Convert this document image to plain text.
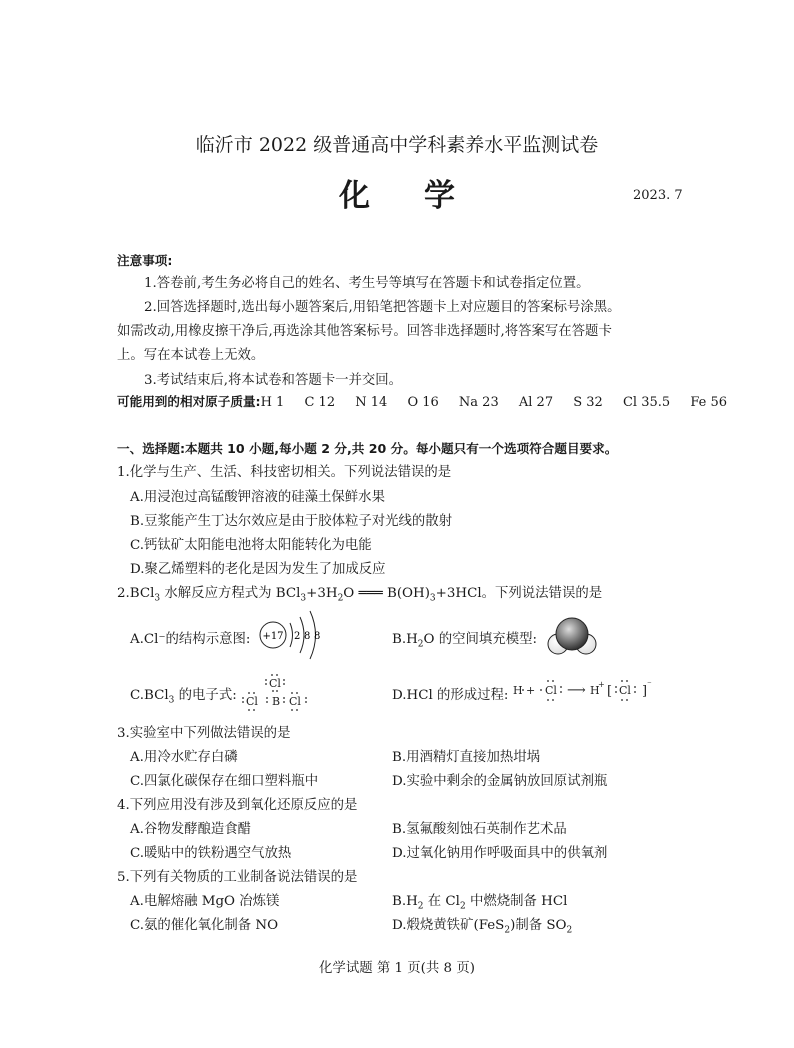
临沂市 2022 级普通高中学科素养水平监测试卷
化学	2023. 7
注意事项:
1.答卷前,考生务必将自己的姓名、考生号等填写在答题卡和试卷指定位置。
2.回答选择题时,选出每小题答案后,用铅笔把答题卡上对应题目的答案标号涂黑。
如需改动,用橡皮擦干净后,再选涂其他答案标号。回答非选择题时,将答案写在答题卡
上。写在本试卷上无效。
3.考试结束后,将本试卷和答题卡一并交回。
可能用到的相对原子质量:H 1 C 12 N 14 O 16 Na 23 Al 27 S 32 Cl 35.5 Fe 56
一、选择题:本题共 10 小题,每小题 2 分,共 20 分。每小题只有一个选项符合题目要求。
1.化学与生产、生活、科技密切相关。下列说法错误的是
A.用浸泡过高锰酸钾溶液的硅藻土保鲜水果
B.豆浆能产生丁达尔效应是由于胶体粒子对光线的散射
C.钙钛矿太阳能电池将太阳能转化为电能
D.聚乙烯塑料的老化是因为发生了加成反应
2.BCl$_3$ 水解反应方程式为 $BCl_3+3H_2O$ ═══ $B(OH)_3+3HCl$。下列说法错误的是
A.Cl⁻的结构示意图: +17 2 8 8	$B.H_2O$ 的空间填充模型:
C.BCl$_3$ 的电子式:
Cl
Cl B Cl	D.HCl 的形成过程: H + Cl ⟶ H
+ [ Cl ] ⁻
3.实验室中下列做法错误的是
A.用冷水贮存白磷	B.用酒精灯直接加热坩埚
C.四氯化碳保存在细口塑料瓶中	D.实验中剩余的金属钠放回原试剂瓶
4.下列应用没有涉及到氧化还原反应的是
A.谷物发酵酿造食醋	B.氢氟酸刻蚀石英制作艺术品
C.暖贴中的铁粉遇空气放热	D.过氧化钠用作呼吸面具中的供氧剂
5.下列有关物质的工业制备说法错误的是
A.电解熔融 MgO 冶炼镁	$B.H_2$ 在 $Cl_2$ 中燃烧制备 HCl
C.氨的催化氧化制备 NO	D.煅烧黄铁矿(FeS$_2$)制备 $SO_2$
化学试题 第 1 页(共 8 页)
